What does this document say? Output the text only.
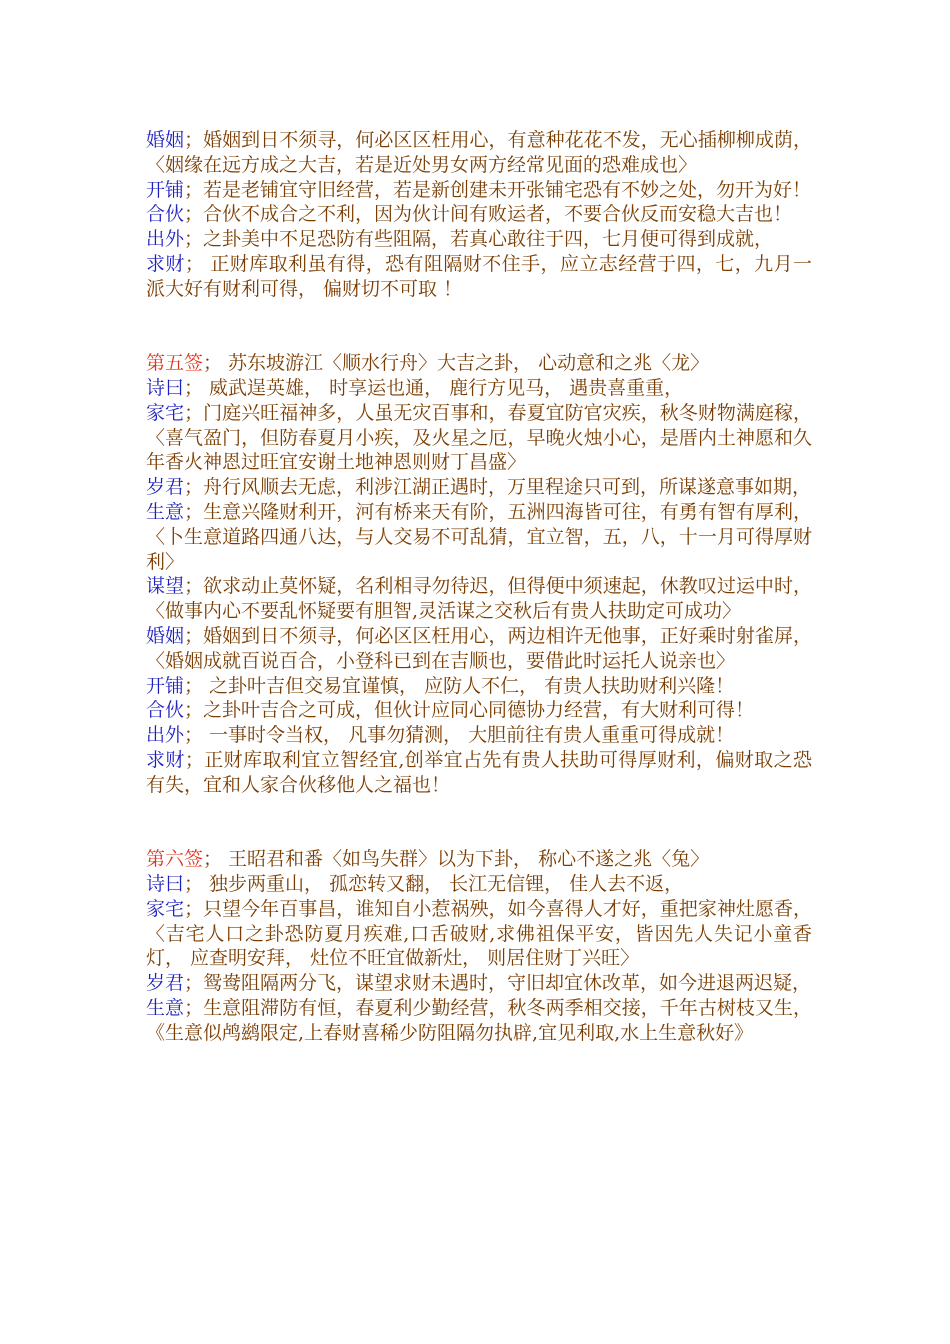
婚姻；婚姻到日不须寻，何必区区枉用心，有意种花花不发，无心插柳柳成荫，〈姻缘在远方成之大吉，若是近处男女两方经常见面的恐难成也〉

开铺；若是老铺宜守旧经营，若是新创建未开张铺宅恐有不妙之处，勿开为好！

合伙；合伙不成合之不利，因为伙计间有败运者，不要合伙反而安稳大吉也！

出外；之卦美中不足恐防有些阻隔，若真心敢往于四，七月便可得到成就，

求财； 正财库取利虽有得，恐有阻隔财不住手，应立志经营于四，七，九月一派大好有财利可得， 偏财切不可取 ！

第五签； 苏东坡游江〈顺水行舟〉大吉之卦， 心动意和之兆〈龙〉

诗曰； 威武逞英雄， 时享运也通， 鹿行方见马， 遇贵喜重重，

家宅；门庭兴旺福神多，人虽无灾百事和，春夏宜防官灾疾，秋冬财物满庭稼，〈喜气盈门，但防春夏月小疾，及火星之厄，早晚火烛小心，是厝内土神愿和久年香火神恩过旺宜安谢土地神恩则财丁昌盛〉

岁君；舟行风顺去无虑，利涉江湖正遇时，万里程途只可到，所谋遂意事如期，

生意；生意兴隆财利开，河有桥来天有阶，五洲四海皆可往，有勇有智有厚利，〈卜生意道路四通八达，与人交易不可乱猜，宜立智，五，八，十一月可得厚财利〉

谋望；欲求动止莫怀疑，名利相寻勿待迟，但得便中须速起，休教叹过运中时，〈做事内心不要乱怀疑要有胆智,灵活谋之交秋后有贵人扶助定可成功〉

婚姻；婚姻到日不须寻，何必区区枉用心，两边相许无他事，正好乘时射雀屏，〈婚姻成就百说百合，小登科已到在吉顺也，要借此时运托人说亲也〉

开铺； 之卦叶吉但交易宜谨慎， 应防人不仁， 有贵人扶助财利兴隆！

合伙；之卦叶吉合之可成，但伙计应同心同德协力经营，有大财利可得！

出外； 一事时令当权， 凡事勿猜测， 大胆前往有贵人重重可得成就！

求财；正财库取利宜立智经宜,创举宜占先有贵人扶助可得厚财利，偏财取之恐有失，宜和人家合伙移他人之福也！

第六签； 王昭君和番〈如鸟失群〉以为下卦， 称心不遂之兆〈兔〉

诗曰； 独步两重山， 孤恋转又翻， 长江无信锂， 佳人去不返，

家宅；只望今年百事昌，谁知自小惹祸殃，如今喜得人才好，重把家神灶愿香，〈吉宅人口之卦恐防夏月疾难,口舌破财,求佛祖保平安，皆因先人失记小童香灯， 应查明安拜， 灶位不旺宜做新灶， 则居住财丁兴旺〉

岁君；鸳鸯阻隔两分飞，谋望求财未遇时，守旧却宜休改革，如今进退两迟疑，

生意；生意阻滞防有恒，春夏利少勤经营，秋冬两季相交接，千年古树枝又生， 《生意似鸬鹚限定,上春财喜稀少防阻隔勿执辟,宜见利取,水上生意秋好》
